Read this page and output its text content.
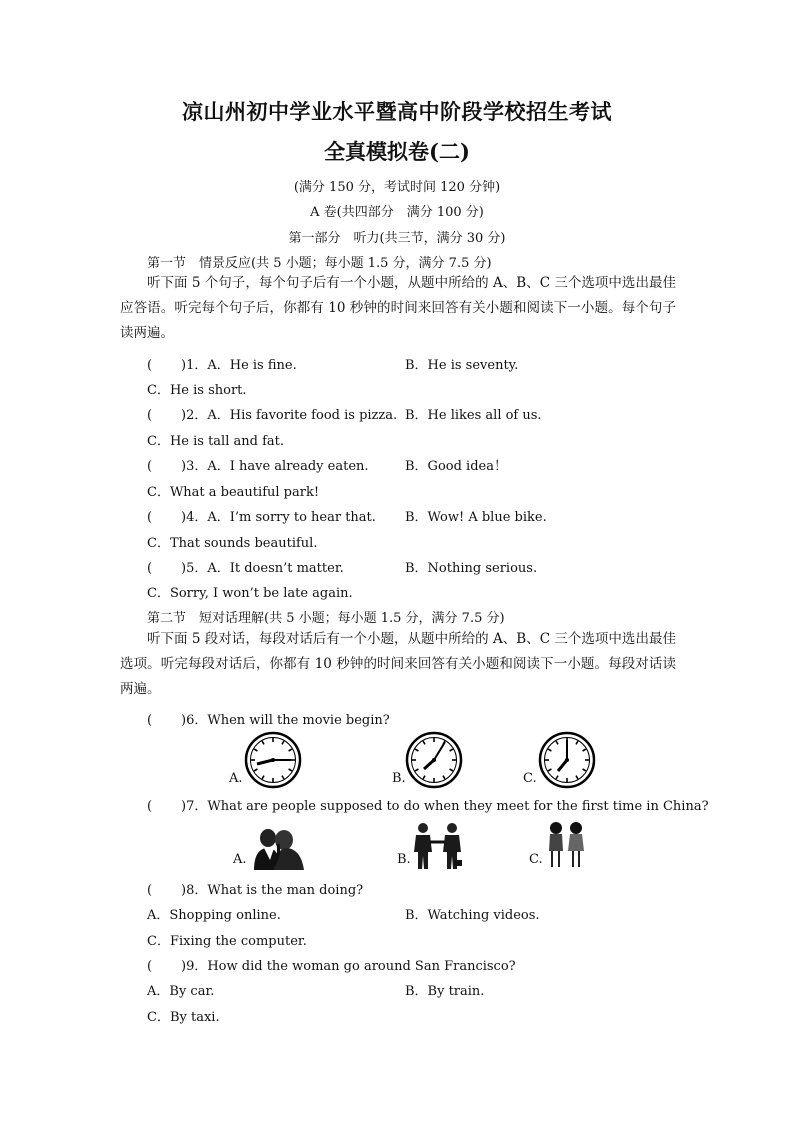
凉山州初中学业水平暨高中阶段学校招生考试
全真模拟卷(二)
(满分 150 分，考试时间 120 分钟)
A 卷(共四部分　满分 100 分)
第一部分　听力(共三节，满分 30 分)
第一节　情景反应(共 5 小题；每小题 1.5 分，满分 7.5 分)
听下面 5 个句子，每个句子后有一个小题，从题中所给的 A、B、C 三个选项中选出最佳应答语。听完每个句子后，你都有 10 秒钟的时间来回答有关小题和阅读下一小题。每个句子读两遍。
( )1．A．He is fine.	B．He is seventy.
C．He is short.
( )2．A．His favorite food is pizza. B．He likes all of us.
C．He is tall and fat.
( )3．A．I have already eaten.	B．Good idea！
C．What a beautiful park!
( )4．A．I’m sorry to hear that. B．Wow! A blue bike.
C．That sounds beautiful.
( )5．A．It doesn’t matter.	B．Nothing serious.
C．Sorry, I won’t be late again.
第二节　短对话理解(共 5 小题；每小题 1.5 分，满分 7.5 分)
听下面 5 段对话，每段对话后有一个小题，从题中所给的 A、B、C 三个选项中选出最佳选项。听完每段对话后，你都有 10 秒钟的时间来回答有关小题和阅读下一小题。每段对话读两遍。
( )6．When will the movie begin?
A.	B.	C.
( )7．What are people supposed to do when they meet for the first time in China?
A.	B.	C.
( )8．What is the man doing?
A．Shopping online.	B．Watching videos.
C．Fixing the computer.
( )9．How did the woman go around San Francisco?
A．By car.	B．By train.
C．By taxi.
